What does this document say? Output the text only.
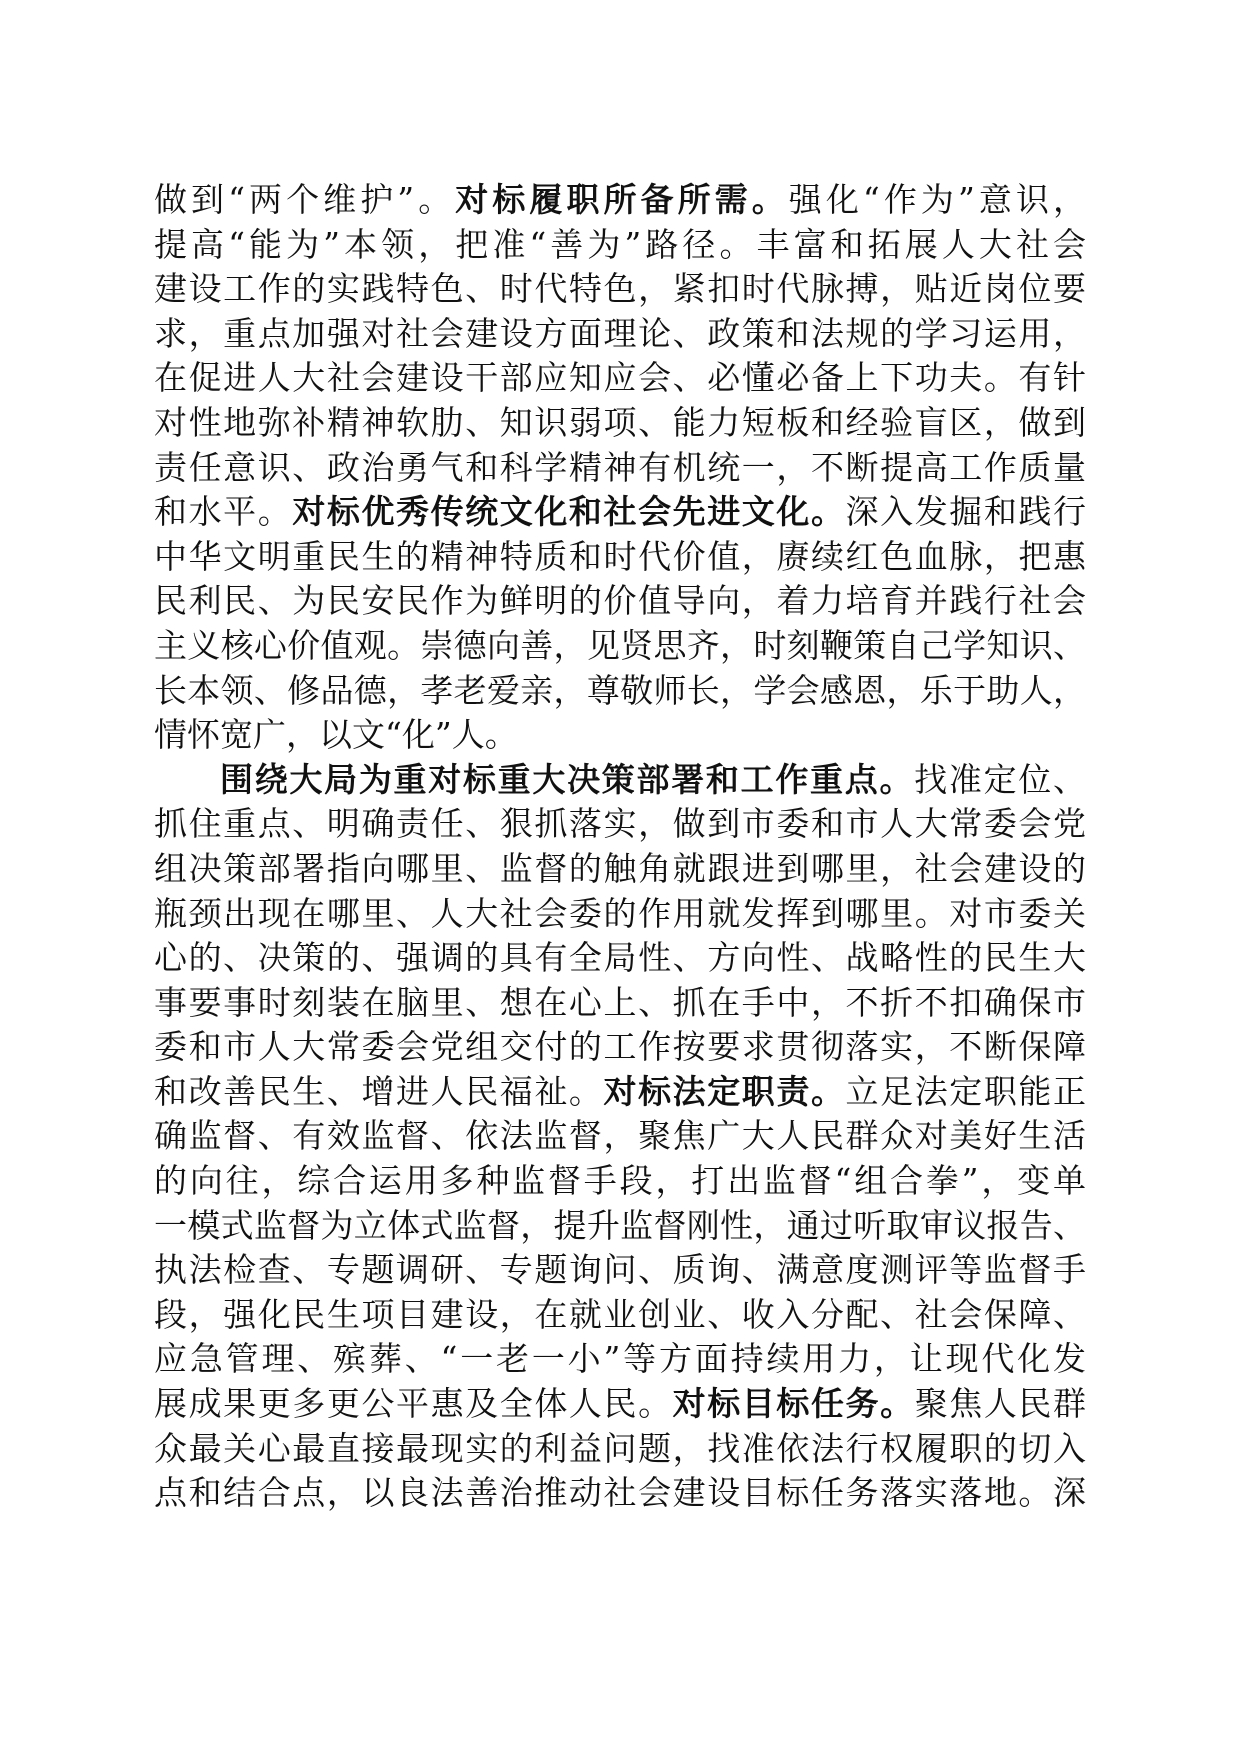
做到“两个维护”。对标履职所备所需。强化“作为”意识，
提高“能为”本领，把准“善为”路径。丰富和拓展人大社会
建设工作的实践特色、时代特色，紧扣时代脉搏，贴近岗位要
求，重点加强对社会建设方面理论、政策和法规的学习运用，
在促进人大社会建设干部应知应会、必懂必备上下功夫。有针
对性地弥补精神软肋、知识弱项、能力短板和经验盲区，做到
责任意识、政治勇气和科学精神有机统一，不断提高工作质量
和水平。对标优秀传统文化和社会先进文化。深入发掘和践行
中华文明重民生的精神特质和时代价值，赓续红色血脉，把惠
民利民、为民安民作为鲜明的价值导向，着力培育并践行社会
主义核心价值观。崇德向善，见贤思齐，时刻鞭策自己学知识、
长本领、修品德，孝老爱亲，尊敬师长，学会感恩，乐于助人，
情怀宽广，以文“化”人。
围绕大局为重对标重大决策部署和工作重点。找准定位、
抓住重点、明确责任、狠抓落实，做到市委和市人大常委会党
组决策部署指向哪里、监督的触角就跟进到哪里，社会建设的
瓶颈出现在哪里、人大社会委的作用就发挥到哪里。对市委关
心的、决策的、强调的具有全局性、方向性、战略性的民生大
事要事时刻装在脑里、想在心上、抓在手中，不折不扣确保市
委和市人大常委会党组交付的工作按要求贯彻落实，不断保障
和改善民生、增进人民福祉。对标法定职责。立足法定职能正
确监督、有效监督、依法监督，聚焦广大人民群众对美好生活
的向往，综合运用多种监督手段，打出监督“组合拳”，变单
一模式监督为立体式监督，提升监督刚性，通过听取审议报告、
执法检查、专题调研、专题询问、质询、满意度测评等监督手
段，强化民生项目建设，在就业创业、收入分配、社会保障、
应急管理、殡葬、“一老一小”等方面持续用力，让现代化发
展成果更多更公平惠及全体人民。对标目标任务。聚焦人民群
众最关心最直接最现实的利益问题，找准依法行权履职的切入
点和结合点，以良法善治推动社会建设目标任务落实落地。深
